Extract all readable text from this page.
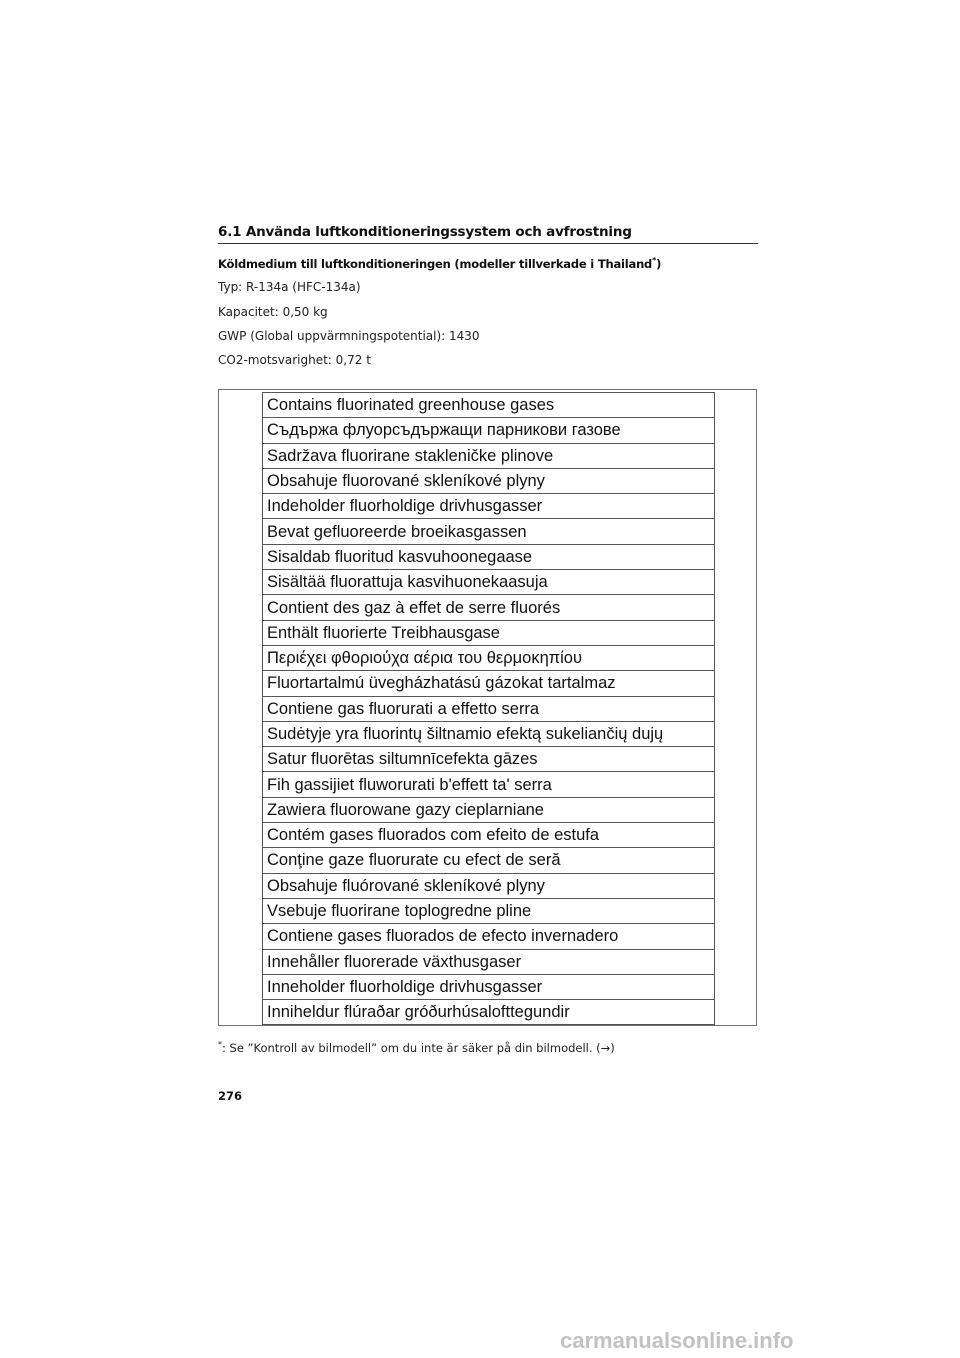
6.1 Använda luftkonditioneringssystem och avfrostning
Köldmedium till luftkonditioneringen (modeller tillverkade i Thailand*)
Typ: R-134a (HFC-134a)
Kapacitet: 0,50 kg
GWP (Global uppvärmningspotential): 1430
CO2-motsvarighet: 0,72 t
Contains fluorinated greenhouse gases
Съдържа флуорсъдържащи парникови газове
Sadržava fluorirane stakleničke plinove
Obsahuje fluorované skleníkové plyny
Indeholder fluorholdige drivhusgasser
Bevat gefluoreerde broeikasgassen
Sisaldab fluoritud kasvuhoonegaase
Sisältää fluorattuja kasvihuonekaasuja
Contient des gaz à effet de serre fluorés
Enthält fluorierte Treibhausgase
Περιέχει φθοριούχα αέρια του θερμοκηπίου
Fluortartalmú üvegházhatású gázokat tartalmaz
Contiene gas fluorurati a effetto serra
Sudėtyje yra fluorintų šiltnamio efektą sukeliančių dujų
Satur fluorētas siltumnīcefekta gāzes
Fih gassijiet fluworurati b'effett ta' serra
Zawiera fluorowane gazy cieplarniane
Contém gases fluorados com efeito de estufa
Conţine gaze fluorurate cu efect de seră
Obsahuje fluórované skleníkové plyny
Vsebuje fluorirane toplogredne pline
Contiene gases fluorados de efecto invernadero
Innehåller fluorerade växthusgaser
Inneholder fluorholdige drivhusgasser
Inniheldur flúraðar gróðurhúsalofttegundir
*: Se ”Kontroll av bilmodell” om du inte är säker på din bilmodell. (→)
276
carmanualsonline.info
